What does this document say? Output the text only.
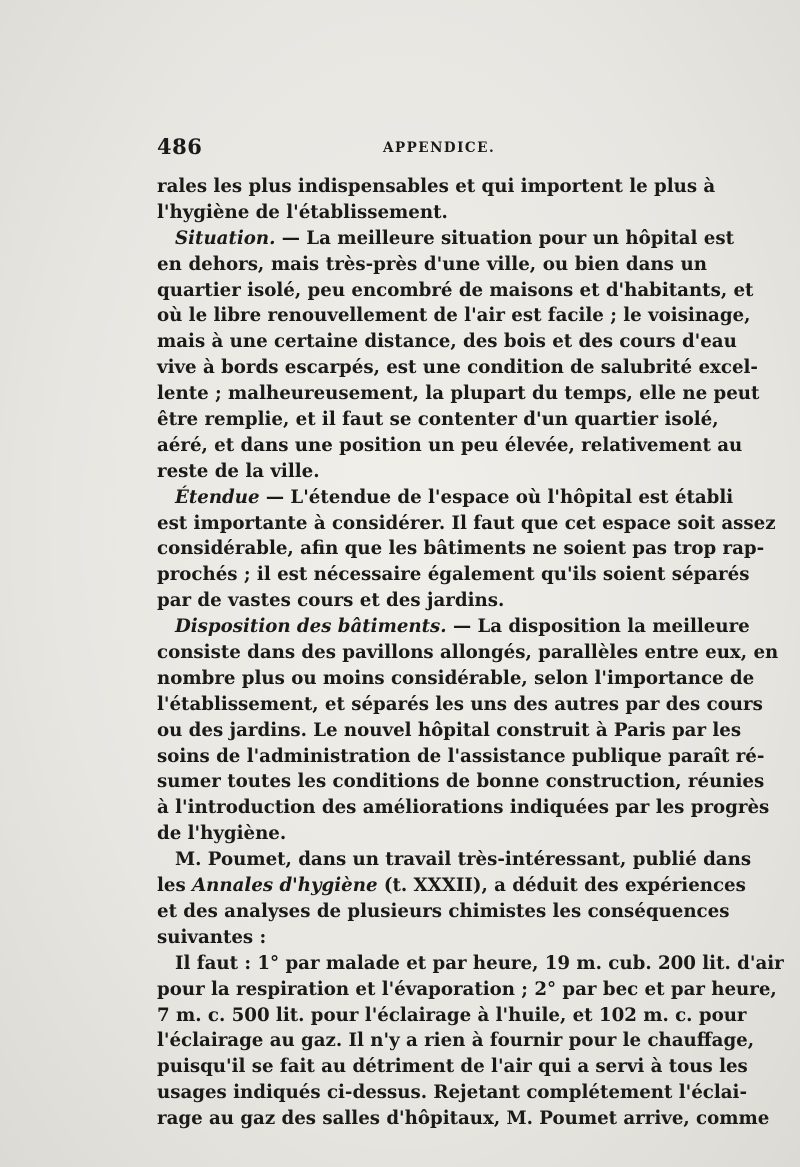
486	APPENDICE.
rales les plus indispensables et qui importent le plus à
l'hygiène de l'établissement.
Situation. — La meilleure situation pour un hôpital est
en dehors, mais très-près d'une ville, ou bien dans un
quartier isolé, peu encombré de maisons et d'habitants, et
où le libre renouvellement de l'air est facile ; le voisinage,
mais à une certaine distance, des bois et des cours d'eau
vive à bords escarpés, est une condition de salubrité excel-
lente ; malheureusement, la plupart du temps, elle ne peut
être remplie, et il faut se contenter d'un quartier isolé,
aéré, et dans une position un peu élevée, relativement au
reste de la ville.
Étendue — L'étendue de l'espace où l'hôpital est établi
est importante à considérer. Il faut que cet espace soit assez
considérable, afin que les bâtiments ne soient pas trop rap-
prochés ; il est nécessaire également qu'ils soient séparés
par de vastes cours et des jardins.
Disposition des bâtiments. — La disposition la meilleure
consiste dans des pavillons allongés, parallèles entre eux, en
nombre plus ou moins considérable, selon l'importance de
l'établissement, et séparés les uns des autres par des cours
ou des jardins. Le nouvel hôpital construit à Paris par les
soins de l'administration de l'assistance publique paraît ré-
sumer toutes les conditions de bonne construction, réunies
à l'introduction des améliorations indiquées par les progrès
de l'hygiène.
M. Poumet, dans un travail très-intéressant, publié dans
les Annales d'hygiène (t. XXXII), a déduit des expériences
et des analyses de plusieurs chimistes les conséquences
suivantes :
Il faut : 1° par malade et par heure, 19 m. cub. 200 lit. d'air
pour la respiration et l'évaporation ; 2° par bec et par heure,
7 m. c. 500 lit. pour l'éclairage à l'huile, et 102 m. c. pour
l'éclairage au gaz. Il n'y a rien à fournir pour le chauffage,
puisqu'il se fait au détriment de l'air qui a servi à tous les
usages indiqués ci-dessus. Rejetant complétement l'éclai-
rage au gaz des salles d'hôpitaux, M. Poumet arrive, comme
